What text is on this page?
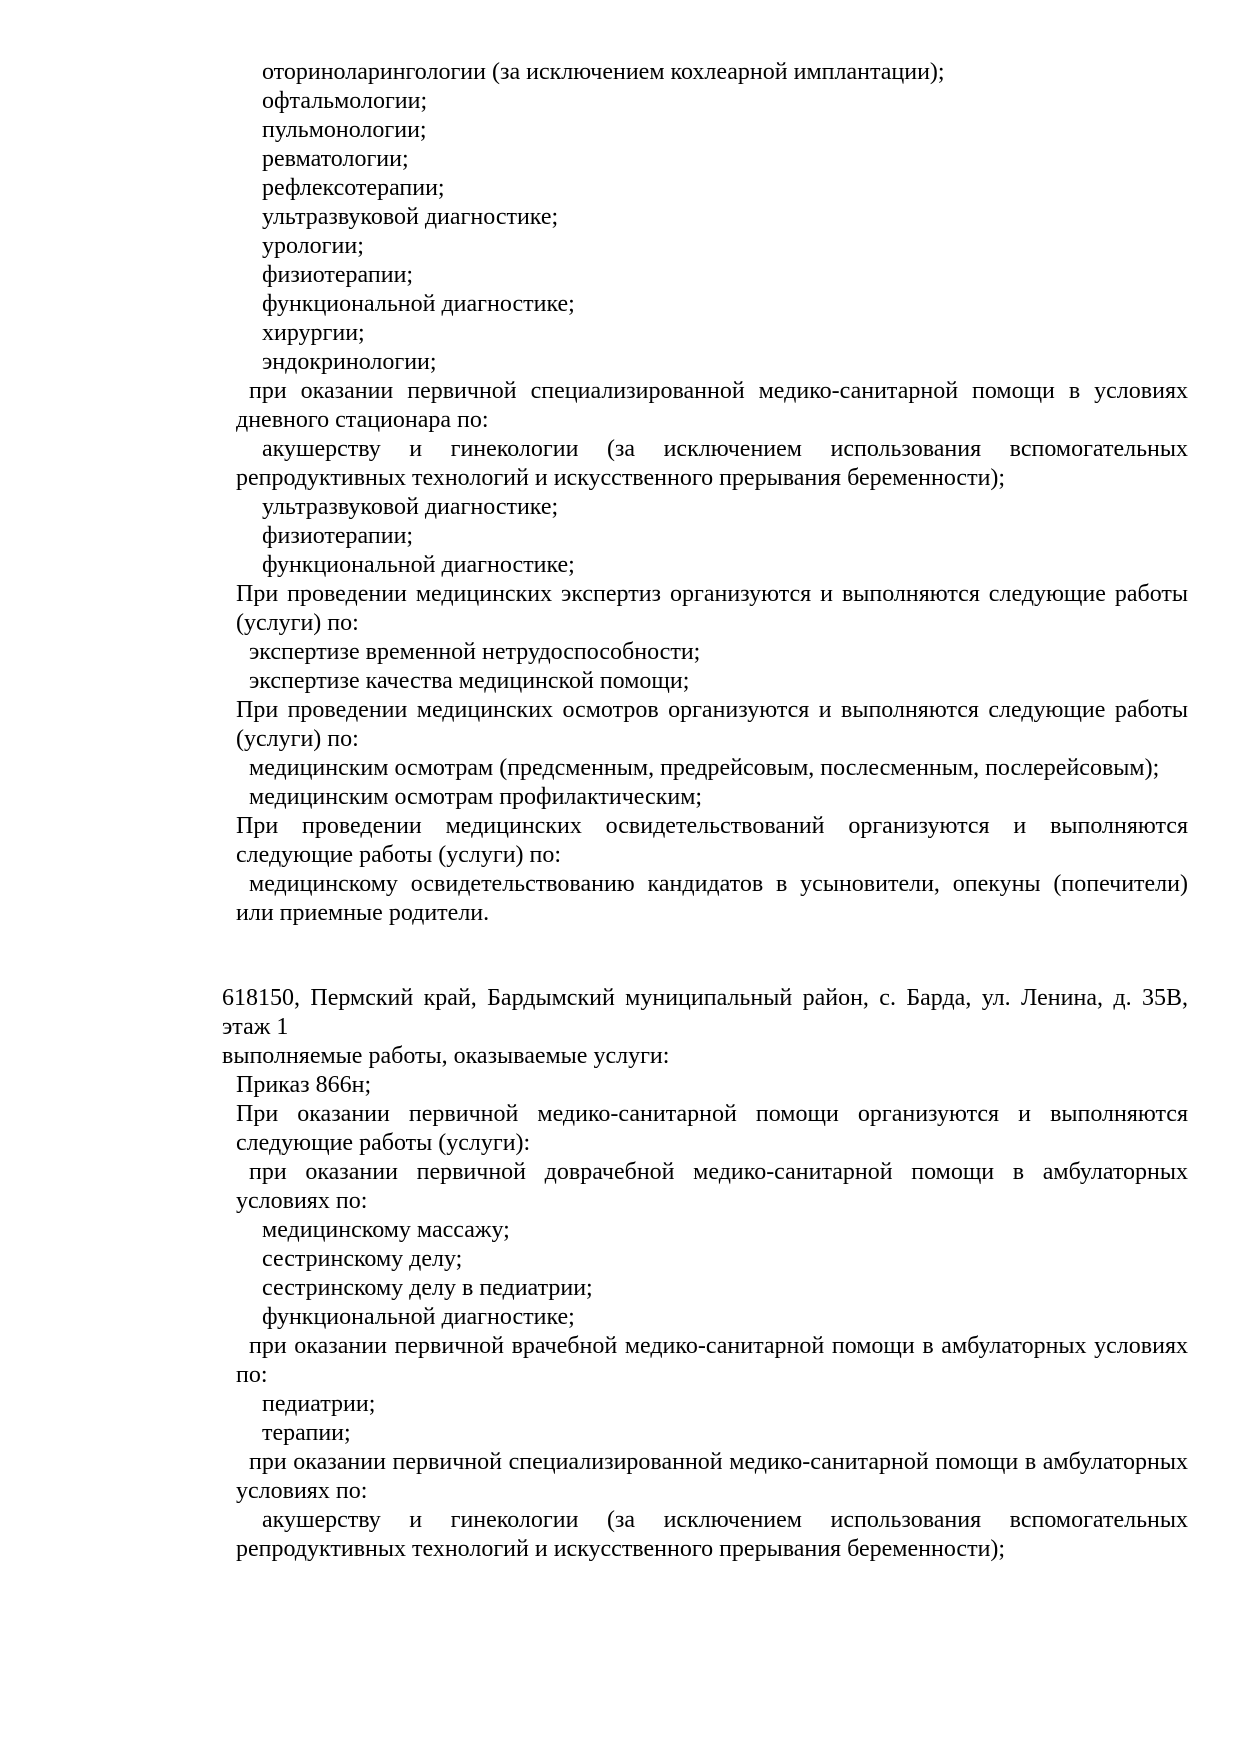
оториноларингологии (за исключением кохлеарной имплантации);

офтальмологии;

пульмонологии;

ревматологии;

рефлексотерапии;

ультразвуковой диагностике;

урологии;

физиотерапии;

функциональной диагностике;

хирургии;

эндокринологии;

при оказании первичной специализированной медико-санитарной помощи в условиях дневного стационара по:

акушерству и гинекологии (за исключением использования вспомогательных репродуктивных технологий и искусственного прерывания беременности);

ультразвуковой диагностике;

физиотерапии;

функциональной диагностике;

При проведении медицинских экспертиз организуются и выполняются следующие работы (услуги) по:

экспертизе временной нетрудоспособности;

экспертизе качества медицинской помощи;

При проведении медицинских осмотров организуются и выполняются следующие работы (услуги) по:

медицинским осмотрам (предсменным, предрейсовым, послесменным, послерейсовым);

медицинским осмотрам профилактическим;

При проведении медицинских освидетельствований организуются и выполняются следующие работы (услуги) по:

медицинскому освидетельствованию кандидатов в усыновители, опекуны (попечители) или приемные родители.

618150, Пермский край, Бардымский муниципальный район, с. Барда, ул. Ленина, д. 35В, этаж 1

выполняемые работы, оказываемые услуги:

Приказ 866н;

При оказании первичной медико-санитарной помощи организуются и выполняются следующие работы (услуги):

при оказании первичной доврачебной медико-санитарной помощи в амбулаторных условиях по:

медицинскому массажу;

сестринскому делу;

сестринскому делу в педиатрии;

функциональной диагностике;

при оказании первичной врачебной медико-санитарной помощи в амбулаторных условиях по:

педиатрии;

терапии;

при оказании первичной специализированной медико-санитарной помощи в амбулаторных условиях по:

акушерству и гинекологии (за исключением использования вспомогательных репродуктивных технологий и искусственного прерывания беременности);
